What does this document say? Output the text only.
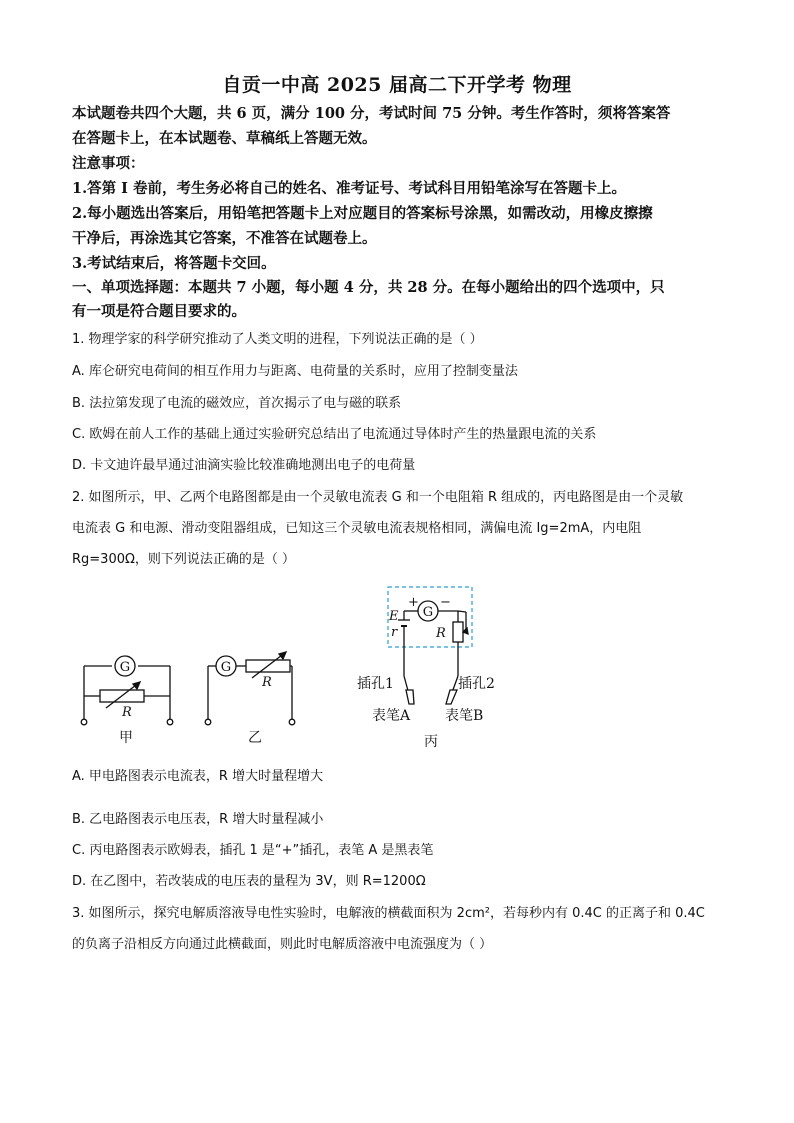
自贡一中高 2025 届高二下开学考 物理
本试题卷共四个大题，共 6 页，满分 100 分，考试时间 75 分钟。考生作答时，须将答案答
在答题卡上，在本试题卷、草稿纸上答题无效。
注意事项：
1.答第 I 卷前，考生务必将自己的姓名、准考证号、考试科目用铅笔涂写在答题卡上。
2.每小题选出答案后，用铅笔把答题卡上对应题目的答案标号涂黑，如需改动，用橡皮擦擦
干净后，再涂选其它答案，不准答在试题卷上。
3.考试结束后，将答题卡交回。
一、单项选择题：本题共 7 小题，每小题 4 分，共 28 分。在每小题给出的四个选项中，只
有一项是符合题目要求的。
1. 物理学家的科学研究推动了人类文明的进程，下列说法正确的是（ ）
A. 库仑研究电荷间的相互作用力与距离、电荷量的关系时，应用了控制变量法
B. 法拉第发现了电流的磁效应，首次揭示了电与磁的联系
C. 欧姆在前人工作的基础上通过实验研究总结出了电流通过导体时产生的热量跟电流的关系
D. 卡文迪许最早通过油滴实验比较准确地测出电子的电荷量
2. 如图所示，甲、乙两个电路图都是由一个灵敏电流表 G 和一个电阻箱 R 组成的，丙电路图是由一个灵敏
电流表 G 和电源、滑动变阻器组成，已知这三个灵敏电流表规格相同，满偏电流 Ig=2mA，内电阻
Rg=300Ω，则下列说法正确的是（ ）
G
R
甲
G
R
乙
G
E
r
+ −
R
插孔1	插孔2
表笔A 表笔B
丙
A. 甲电路图表示电流表，R 增大时量程增大
B. 乙电路图表示电压表，R 增大时量程减小
C. 丙电路图表示欧姆表，插孔 1 是“+”插孔，表笔 A 是黑表笔
D. 在乙图中，若改装成的电压表的量程为 3V，则 R=1200Ω
3. 如图所示，探究电解质溶液导电性实验时，电解液的横截面积为 2cm²，若每秒内有 0.4C 的正离子和 0.4C
的负离子沿相反方向通过此横截面，则此时电解质溶液中电流强度为（ ）
